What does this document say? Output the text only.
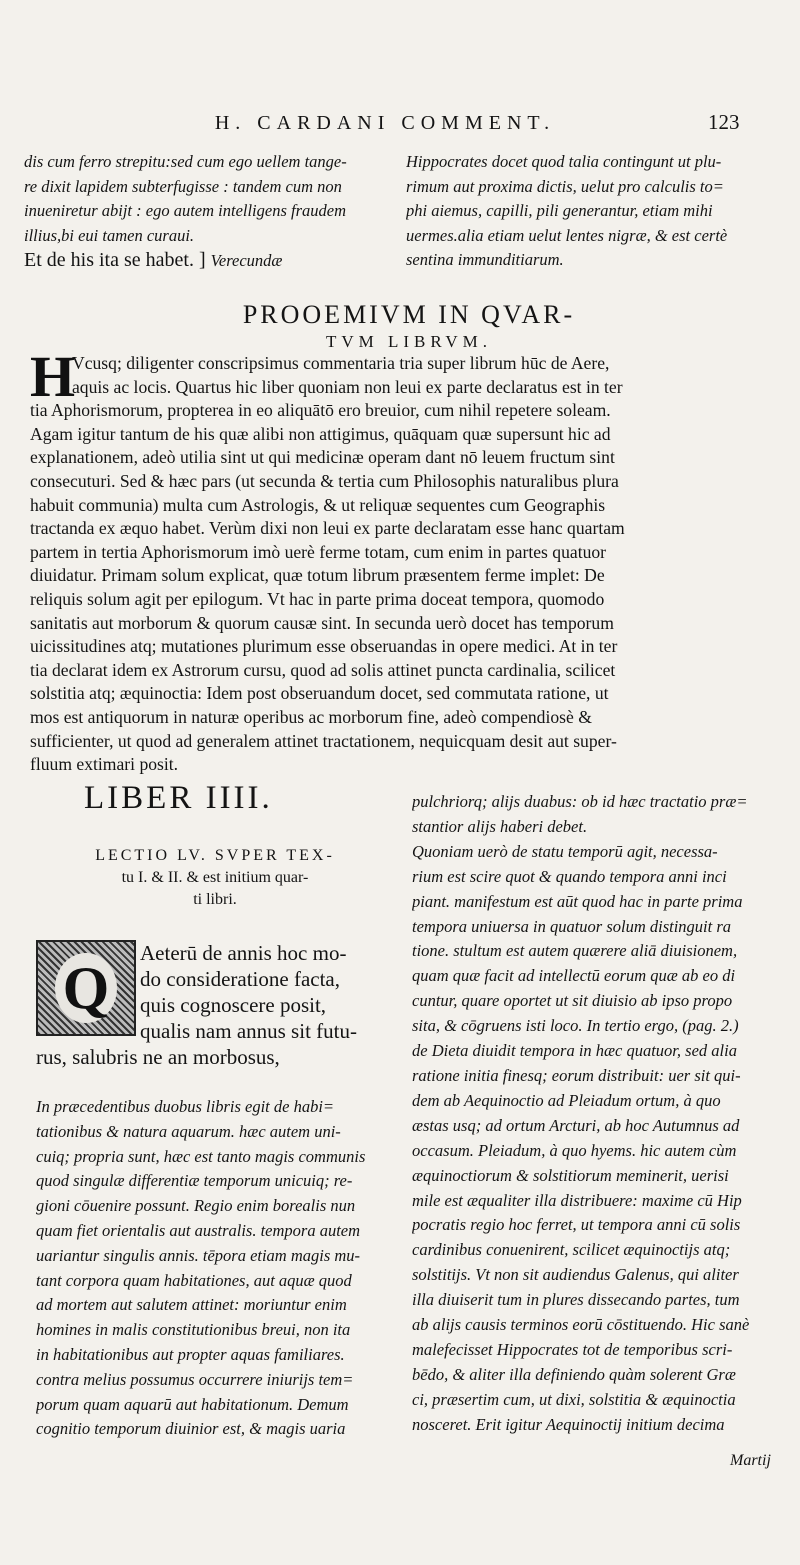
H. CARDANI COMMENT.	123
dis cum ferro strepitu:sed cum ego uellem tange-
re dixit lapidem subterfugisse : tandem cum non
inueniretur abijt : ego autem intelligens fraudem
illius,bi eui tamen curaui.
Et de his ita se habet. ] Verecundæ
Hippocrates docet quod talia contingunt ut plu-
rimum aut proxima dictis, uelut pro calculis to=
phi aiemus, capilli, pili generantur, etiam mihi
uermes.alia etiam uelut lentes nigræ, & est certè
sentina immunditiarum.
PROOEMIVM IN QVAR-
TVM LIBRVM.
H
Vcusq; diligenter conscripsimus commentaria tria super librum hūc de Aere,
aquis ac locis. Quartus hic liber quoniam non leui ex parte declaratus est in ter
tia Aphorismorum, propterea in eo aliquātō ero breuior, cum nihil repetere soleam.
Agam igitur tantum de his quæ alibi non attigimus, quāquam quæ supersunt hic ad
explanationem, adeò utilia sint ut qui medicinæ operam dant nō leuem fructum sint
consecuturi. Sed & hæc pars (ut secunda & tertia cum Philosophis naturalibus plura
habuit communia) multa cum Astrologis, & ut reliquæ sequentes cum Geographis
tractanda ex æquo habet. Verùm dixi non leui ex parte declaratam esse hanc quartam
partem in tertia Aphorismorum imò uerè ferme totam, cum enim in partes quatuor
diuidatur. Primam solum explicat, quæ totum librum præsentem ferme implet: De
reliquis solum agit per epilogum. Vt hac in parte prima doceat tempora, quomodo
sanitatis aut morborum & quorum causæ sint. In secunda uerò docet has temporum
uicissitudines atq; mutationes plurimum esse obseruandas in opere medici. At in ter
tia declarat idem ex Astrorum cursu, quod ad solis attinet puncta cardinalia, scilicet
solstitia atq; æquinoctia: Idem post obseruandum docet, sed commutata ratione, ut
mos est antiquorum in naturæ operibus ac morborum fine, adeò compendiosè &
sufficienter, ut quod ad generalem attinet tractationem, nequicquam desit aut super-
fluum extimari posit.
LIBER IIII.
LECTIO LV. SVPER TEX-
tu I. & II. & est initium quar-
ti libri.
Q
Aeterū de annis hoc mo-
do consideratione facta,
quis cognoscere posit,
qualis nam annus sit futu-
rus, salubris ne an morbosus,
In præcedentibus duobus libris egit de habi=
tationibus & natura aquarum. hæc autem uni-
cuiq; propria sunt, hæc est tanto magis communis
quod singulæ differentiæ temporum unicuiq; re-
gioni cōuenire possunt. Regio enim borealis nun
quam fiet orientalis aut australis. tempora autem
uariantur singulis annis. tēpora etiam magis mu-
tant corpora quam habitationes, aut aquæ quod
ad mortem aut salutem attinet: moriuntur enim
homines in malis constitutionibus breui, non ita
in habitationibus aut propter aquas familiares.
contra melius possumus occurrere iniurijs tem=
porum quam aquarū aut habitationum. Demum
cognitio temporum diuinior est, & magis uaria
pulchriorq; alijs duabus: ob id hæc tractatio præ=
stantior alijs haberi debet.
Quoniam uerò de statu temporū agit, necessa-
rium est scire quot & quando tempora anni inci
piant. manifestum est aūt quod hac in parte prima
tempora uniuersa in quatuor solum distinguit ra
tione. stultum est autem quærere aliā diuisionem,
quam quæ facit ad intellectū eorum quæ ab eo di
cuntur, quare oportet ut sit diuisio ab ipso propo
sita, & cōgruens isti loco. In tertio ergo, (pag. 2.)
de Dieta diuidit tempora in hæc quatuor, sed alia
ratione initia finesq; eorum distribuit: uer sit qui-
dem ab Aequinoctio ad Pleiadum ortum, à quo
æstas usq; ad ortum Arcturi, ab hoc Autumnus ad
occasum. Pleiadum, à quo hyems. hic autem cùm
æquinoctiorum & solstitiorum meminerit, uerisi
mile est æqualiter illa distribuere: maxime cū Hip
pocratis regio hoc ferret, ut tempora anni cū solis
cardinibus conuenirent, scilicet æquinoctijs atq;
solstitijs. Vt non sit audiendus Galenus, qui aliter
illa diuiserit tum in plures dissecando partes, tum
ab alijs causis terminos eorū cōstituendo. Hic sanè
malefecisset Hippocrates tot de temporibus scri-
bēdo, & aliter illa definiendo quàm solerent Græ
ci, præsertim cum, ut dixi, solstitia & æquinoctia
nosceret. Erit igitur Aequinoctij initium decima
Martij
